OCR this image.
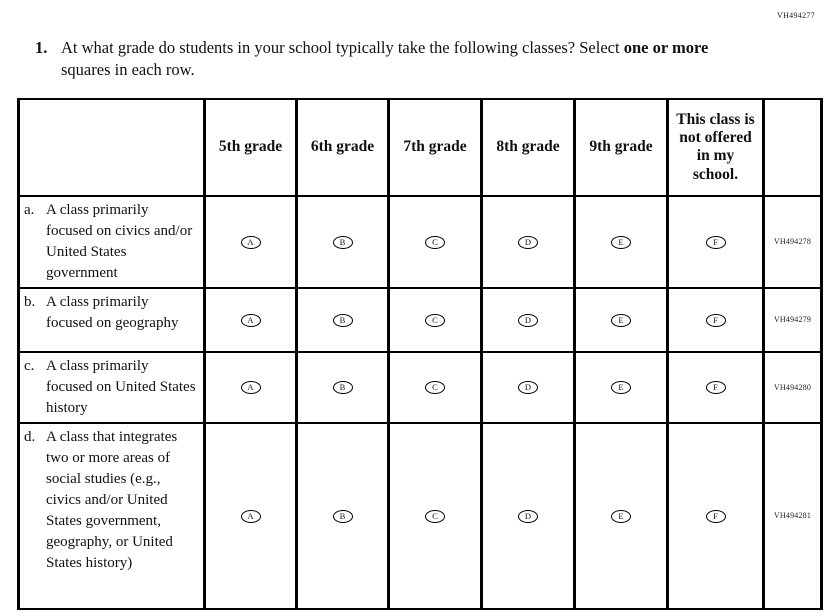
VH494277
1. At what grade do students in your school typically take the following classes? Select one or more squares in each row.
	5th grade	6th grade	7th grade	8th grade	9th grade	This class is not offered in my school.	

a. A class primarily focused on civics and/or United States government	A	B	C	D	E	F	VH494278

b. A class primarily focused on geography	A	B	C	D	E	F	VH494279

c. A class primarily focused on United States history	A	B	C	D	E	F	VH494280

d. A class that integrates two or more areas of social studies (e.g., civics and/or United States government, geography, or United States history)	A	B	C	D	E	F	VH494281
